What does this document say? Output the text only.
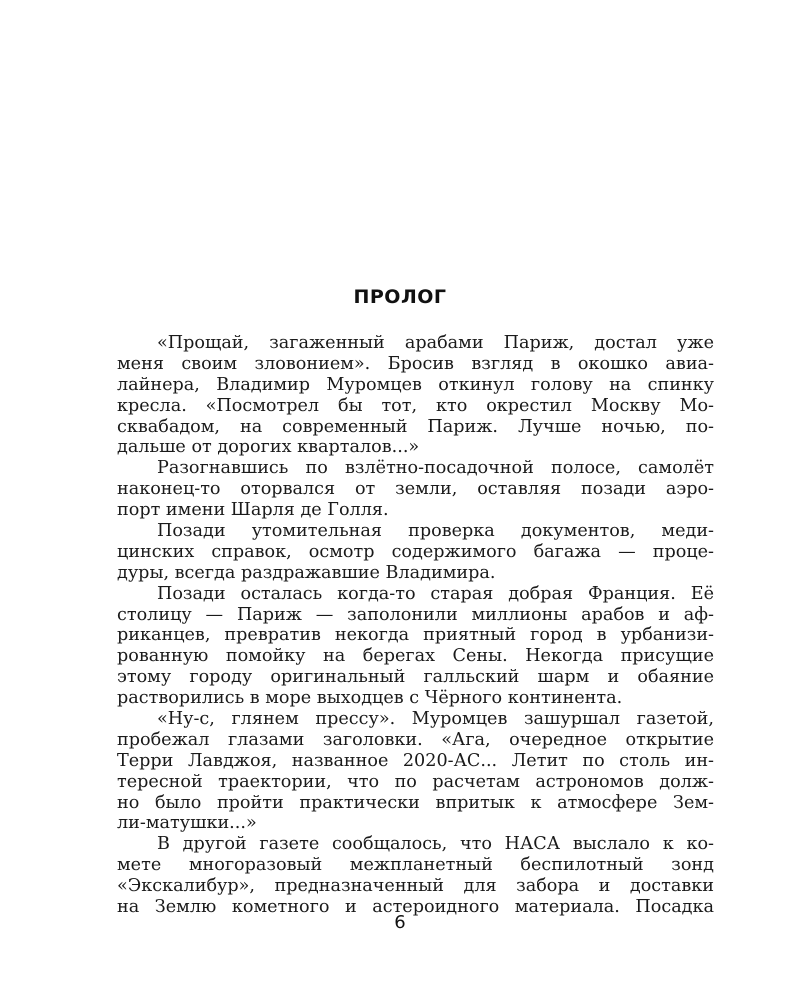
ПРОЛОГ
«Прощай, загаженный арабами Париж, достал уже
меня своим зловонием». Бросив взгляд в окошко авиа-
лайнера, Владимир Муромцев откинул голову на спинку
кресла. «Посмотрел бы тот, кто окрестил Москву Мо-
сквабадом, на современный Париж. Лучше ночью, по-
дальше от дорогих кварталов...»
Разогнавшись по взлётно-посадочной полосе, самолёт
наконец-то оторвался от земли, оставляя позади аэро-
порт имени Шарля де Голля.
Позади утомительная проверка документов, меди-
цинских справок, осмотр содержимого багажа — проце-
дуры, всегда раздражавшие Владимира.
Позади осталась когда-то старая добрая Франция. Её
столицу — Париж — заполонили миллионы арабов и аф-
риканцев, превратив некогда приятный город в урбанизи-
рованную помойку на берегах Сены. Некогда присущие
этому городу оригинальный галльский шарм и обаяние
растворились в море выходцев с Чёрного континента.
«Ну-с, глянем прессу». Муромцев зашуршал газетой,
пробежал глазами заголовки. «Ага, очередное открытие
Терри Лавджоя, названное 2020-АС... Летит по столь ин-
тересной траектории, что по расчетам астрономов долж-
но было пройти практически впритык к атмосфере Зем-
ли-матушки...»
В другой газете сообщалось, что НАСА выслало к ко-
мете многоразовый межпланетный беспилотный зонд
«Экскалибур», предназначенный для забора и доставки
на Землю кометного и астероидного материала. Посадка
6
